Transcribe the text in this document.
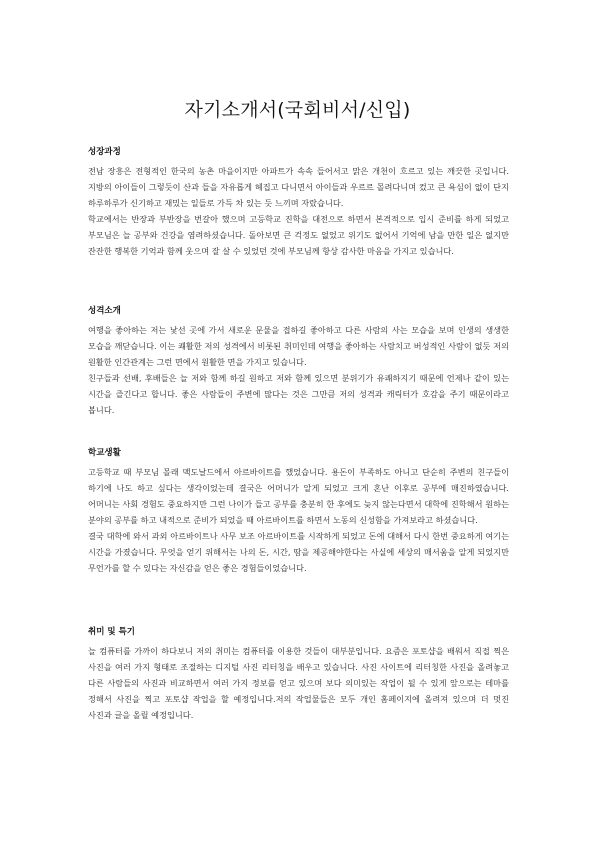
자기소개서(국회비서/신입)
성장과정

전남 장흥은 전형적인 한국의 농촌 마을이지만 아파트가 속속 들어서고 맑은 개천이 흐르고 있는 깨끗한 곳입니다. 지방의 아이들이 그렇듯이 산과 들을 자유롭게 헤집고 다니면서 아이들과 우르르 몰려다니며 컸고 큰 욕심이 없이 단지 하루하루가 신기하고 재밌는 일들로 가득 차 있는 듯 느끼며 자랐습니다.

학교에서는 반장과 부반장을 번갈아 했으며 고등학교 진학을 대전으로 하면서 본격적으로 입시 준비를 하게 되었고 부모님은 늘 공부와 건강을 염려하셨습니다. 돌아보면 큰 걱정도 없었고 위기도 없어서 기억에 남을 만한 일은 없지만 잔잔한 행복한 기억과 함께 웃으며 잘 살 수 있었던 것에 부모님께 항상 감사한 마음을 가지고 있습니다.

성격소개

여행을 좋아하는 저는 낯선 곳에 가서 새로운 문물을 접하길 좋아하고 다른 사람의 사는 모습을 보며 인생의 생생한 모습을 깨닫습니다. 이는 쾌활한 저의 성격에서 비롯된 취미인데 여행을 좋아하는 사람치고 버성적인 사람이 없듯 저의 원활한 인간관계는 그런 면에서 원활한 면을 가지고 있습니다.

친구들과 선배, 후배들은 늘 저와 함께 하길 원하고 저와 함께 있으면 분위기가 유쾌하지기 때문에 언제나 같이 있는 시간을 즐긴다고 합니다. 좋은 사람들이 주변에 많다는 것은 그만큼 저의 성격과 캐릭터가 호감을 주기 때문이라고 봅니다.

학교생활

고등학교 때 부모님 몰래 맥도날드에서 아르바이트를 했었습니다. 용돈이 부족하도 아니고 단순히 주변의 친구들이 하기에 나도 하고 싶다는 생각이었는데 결국은 어머니가 알게 되었고 크게 혼난 이후로 공부에 매진하였습니다. 어머니는 사회 경험도 중요하지만 그런 나이가 들고 공부를 충분히 한 후에도 늦지 않는다면서 대학에 진학해서 원하는 분야의 공부를 하고 내적으로 준비가 되었을 때 아르바이트를 하면서 노동의 신성함을 가져보라고 하셨습니다.

결국 대학에 와서 과외 아르바이트나 사무 보조 아르바이트를 시작하게 되었고 돈에 대해서 다시 한번 중요하게 여기는 시간을 가졌습니다. 무엇을 얻기 위해서는 나의 돈, 시간, 땀을 제공해야한다는 사실에 세상의 매서움을 알게 되었지만 무언가를 할 수 있다는 자신감을 얻은 좋은 경험들이었습니다.

취미 및 특기

늘 컴퓨터를 가까이 하다보니 저의 취미는 컴퓨터를 이용한 것들이 대부분입니다. 요즘은 포토샵을 배워서 직접 찍은 사진을 여러 가지 형태로 조절하는 디지털 사진 리터칭을 배우고 있습니다. 사진 사이트에 리터칭한 사진을 올려놓고 다른 사람들의 사진과 비교하면서 여러 가지 정보를 얻고 있으며 보다 의미있는 작업이 될 수 있게 앞으로는 테마를 정해서 사진을 찍고 포토샵 작업을 할 예정입니다.저의 작업물들은 모두 개인 홈페이지에 올려져 있으며 더 멋진 사진과 글을 올릴 예정입니다.
